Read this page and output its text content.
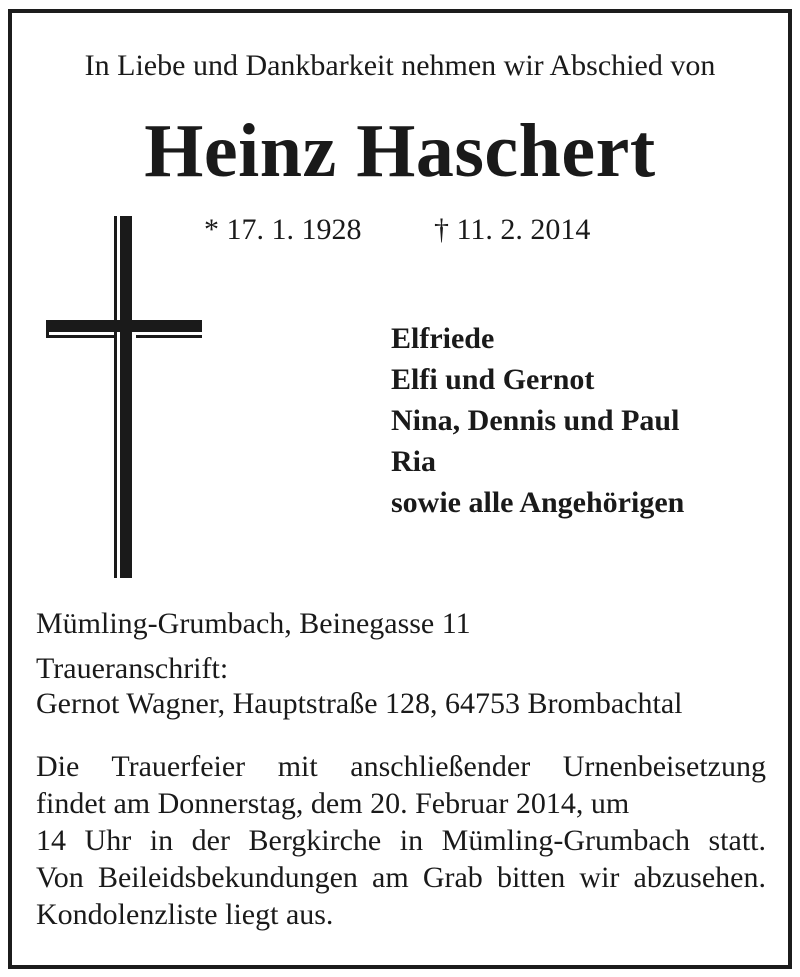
In Liebe und Dankbarkeit nehmen wir Abschied von
Heinz Haschert
* 17. 1. 1928 † 11. 2. 2014
Elfriede
Elfi und Gernot
Nina, Dennis und Paul
Ria
sowie alle Angehörigen
Mümling-Grumbach, Beinegasse 11
Traueranschrift:
Gernot Wagner, Hauptstraße 128, 64753 Brombachtal
Die Trauerfeier mit anschließender Urnenbeisetzung
findet am Donnerstag, dem 20. Februar 2014, um
14 Uhr in der Bergkirche in Mümling-Grumbach statt.
Von Beileidsbekundungen am Grab bitten wir abzusehen.
Kondolenzliste liegt aus.
